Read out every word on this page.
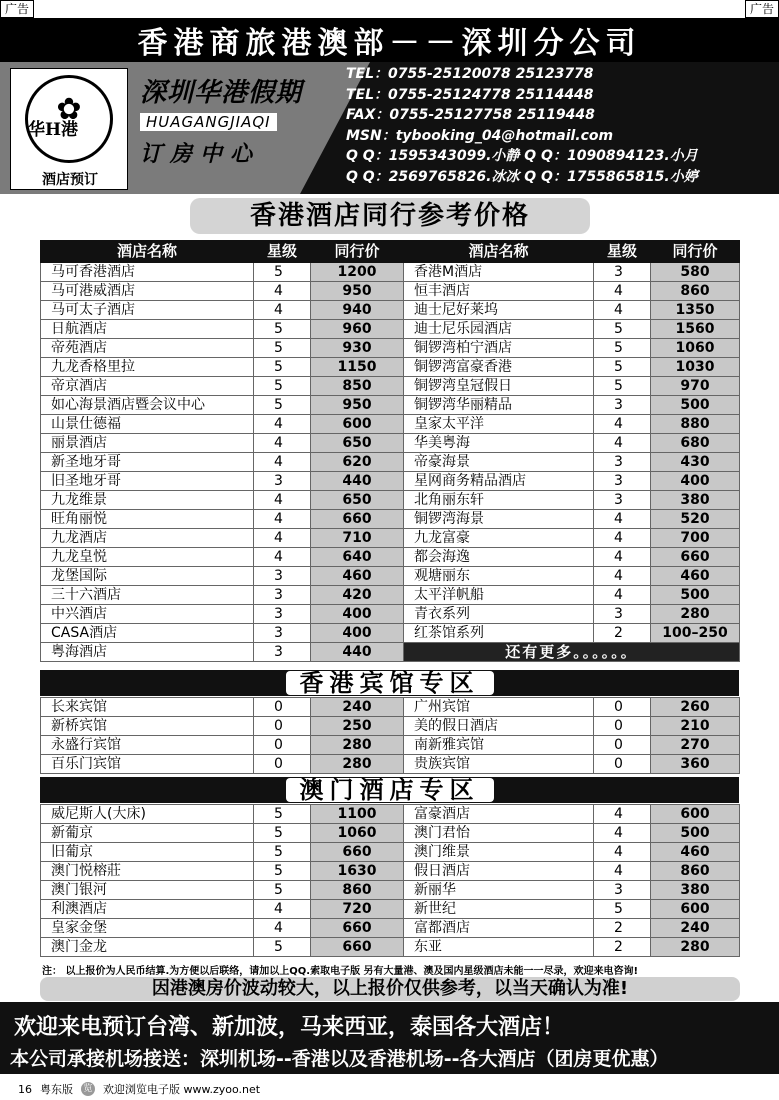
广告	广告
香港商旅港澳部－－深圳分公司
✿
华H港
酒店预订
深圳华港假期
HUAGANGJIAQI
订房中心
TEL：0755-25120078 25123778
TEL：0755-25124778 25114448
FAX：0755-25127758 25119448
MSN：tybooking_04@hotmail.com
Q Q：1595343099.小静 Q Q：1090894123.小月
Q Q：2569765826.冰冰 Q Q：1755865815.小婷
香港酒店同行参考价格
酒店名称	星级	同行价	酒店名称	星级	同行价
马可香港酒店	5	1200	香港M酒店	3	580
马可港威酒店	4	950	恒丰酒店	4	860
马可太子酒店	4	940	迪士尼好莱坞	4	1350
日航酒店	5	960	迪士尼乐园酒店	5	1560
帝苑酒店	5	930	铜锣湾柏宁酒店	5	1060
九龙香格里拉	5	1150	铜锣湾富豪香港	5	1030
帝京酒店	5	850	铜锣湾皇冠假日	5	970
如心海景酒店暨会议中心	5	950	铜锣湾华丽精品	3	500
山景仕德福	4	600	皇家太平洋	4	880
丽景酒店	4	650	华美粤海	4	680
新圣地牙哥	4	620	帝豪海景	3	430
旧圣地牙哥	3	440	星网商务精品酒店	3	400
九龙维景	4	650	北角丽东轩	3	380
旺角丽悦	4	660	铜锣湾海景	4	520
九龙酒店	4	710	九龙富豪	4	700
九龙皇悦	4	640	都会海逸	4	660
龙堡国际	3	460	观塘丽东	4	460
三十六酒店	3	420	太平洋帆船	4	500
中兴酒店	3	400	青衣系列	3	280
CASA酒店	3	400	红茶馆系列	2	100–250
粤海酒店	3	440	还有更多。。。。。。		
香港宾馆专区
长来宾馆	0	240	广州宾馆	0	260
新桥宾馆	0	250	美的假日酒店	0	210
永盛行宾馆	0	280	南新雅宾馆	0	270
百乐门宾馆	0	280	贵族宾馆	0	360
澳门酒店专区
威尼斯人(大床)	5	1100	富豪酒店	4	600
新葡京	5	1060	澳门君怡	4	500
旧葡京	5	660	澳门维景	4	460
澳门悦榕莊	5	1630	假日酒店	4	860
澳门银河	5	860	新丽华	3	380
利澳酒店	4	720	新世纪	5	600
皇家金堡	4	660	富都酒店	2	240
澳门金龙	5	660	东亚	2	280
注： 以上报价为人民币结算.为方便以后联络，请加以上QQ.索取电子版 另有大量港、澳及国内星级酒店未能一一尽录，欢迎来电咨询!
因港澳房价波动较大，以上报价仅供参考，以当天确认为准!
欢迎来电预订台湾、新加波，马来西亚，泰国各大酒店！
本公司承接机场接送：深圳机场--香港以及香港机场--各大酒店（团房更优惠）
16 粤东版 览 欢迎浏览电子版 www.zyoo.net
